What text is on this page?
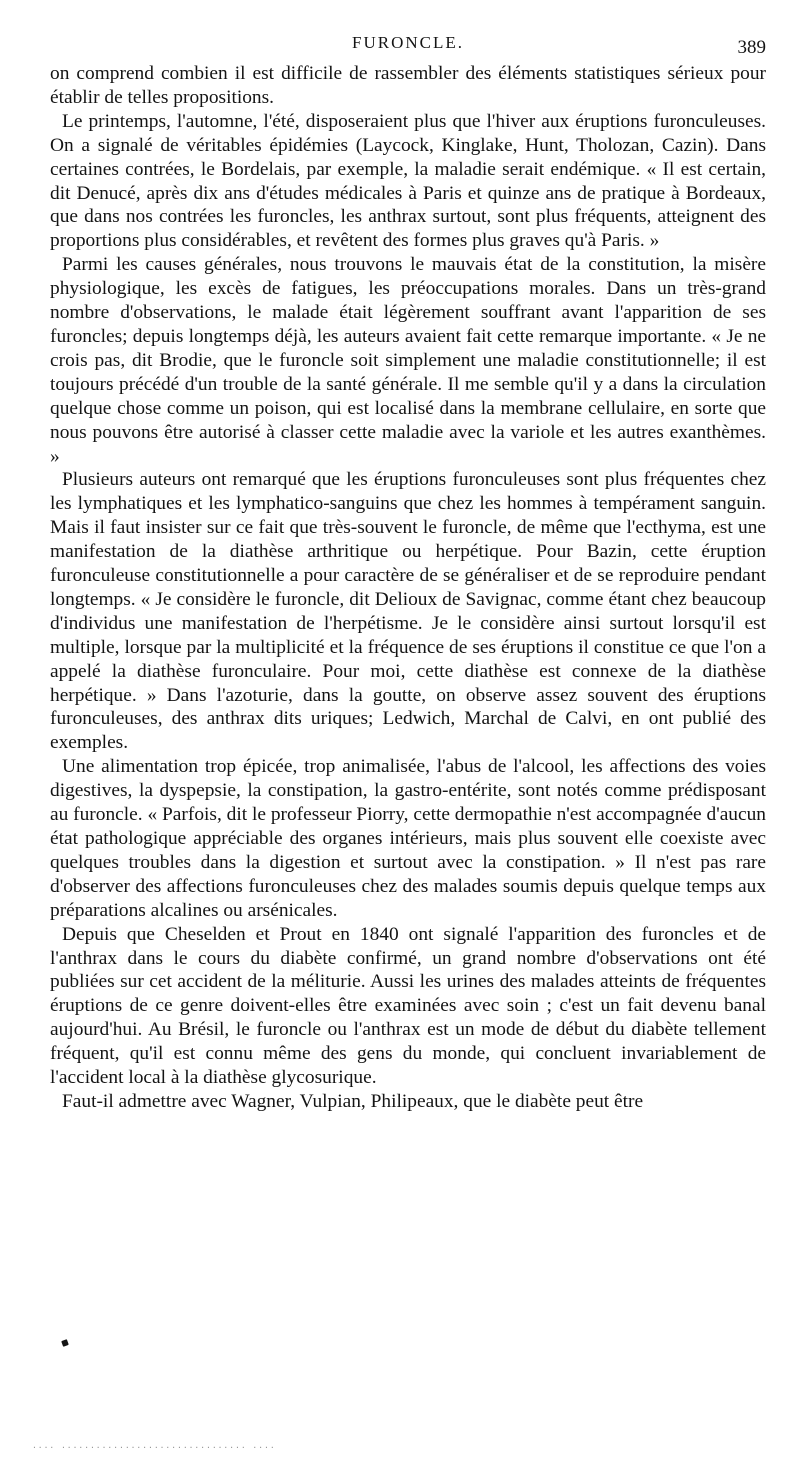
FURONCLE.	389

on comprend combien il est difficile de rassembler des éléments statistiques sérieux pour établir de telles propositions.

Le printemps, l'automne, l'été, disposeraient plus que l'hiver aux éruptions furonculeuses. On a signalé de véritables épidémies (Laycock, Kinglake, Hunt, Tholozan, Cazin). Dans certaines contrées, le Bordelais, par exemple, la maladie serait endémique. « Il est certain, dit Denucé, après dix ans d'études médicales à Paris et quinze ans de pratique à Bordeaux, que dans nos contrées les furoncles, les anthrax surtout, sont plus fréquents, atteignent des proportions plus considérables, et revêtent des formes plus graves qu'à Paris. »

Parmi les causes générales, nous trouvons le mauvais état de la constitution, la misère physiologique, les excès de fatigues, les préoccupations morales. Dans un très-grand nombre d'observations, le malade était légèrement souffrant avant l'apparition de ses furoncles; depuis longtemps déjà, les auteurs avaient fait cette remarque importante. « Je ne crois pas, dit Brodie, que le furoncle soit simplement une maladie constitutionnelle; il est toujours précédé d'un trouble de la santé générale. Il me semble qu'il y a dans la circulation quelque chose comme un poison, qui est localisé dans la membrane cellulaire, en sorte que nous pouvons être autorisé à classer cette maladie avec la variole et les autres exanthèmes. »

Plusieurs auteurs ont remarqué que les éruptions furonculeuses sont plus fréquentes chez les lymphatiques et les lymphatico-sanguins que chez les hommes à tempérament sanguin. Mais il faut insister sur ce fait que très-souvent le furoncle, de même que l'ecthyma, est une manifestation de la diathèse arthritique ou herpétique. Pour Bazin, cette éruption furonculeuse constitutionnelle a pour caractère de se généraliser et de se reproduire pendant longtemps. « Je considère le furoncle, dit Delioux de Savignac, comme étant chez beaucoup d'individus une manifestation de l'herpétisme. Je le considère ainsi surtout lorsqu'il est multiple, lorsque par la multiplicité et la fréquence de ses éruptions il constitue ce que l'on a appelé la diathèse furonculaire. Pour moi, cette diathèse est connexe de la diathèse herpétique. » Dans l'azoturie, dans la goutte, on observe assez souvent des éruptions furonculeuses, des anthrax dits uriques; Ledwich, Marchal de Calvi, en ont publié des exemples.

Une alimentation trop épicée, trop animalisée, l'abus de l'alcool, les affections des voies digestives, la dyspepsie, la constipation, la gastro-entérite, sont notés comme prédisposant au furoncle. « Parfois, dit le professeur Piorry, cette dermopathie n'est accompagnée d'aucun état pathologique appréciable des organes intérieurs, mais plus souvent elle coexiste avec quelques troubles dans la digestion et surtout avec la constipation. » Il n'est pas rare d'observer des affections furonculeuses chez des malades soumis depuis quelque temps aux préparations alcalines ou arsénicales.

Depuis que Cheselden et Prout en 1840 ont signalé l'apparition des furoncles et de l'anthrax dans le cours du diabète confirmé, un grand nombre d'observations ont été publiées sur cet accident de la méliturie. Aussi les urines des malades atteints de fréquentes éruptions de ce genre doivent-elles être examinées avec soin ; c'est un fait devenu banal aujourd'hui. Au Brésil, le furoncle ou l'anthrax est un mode de début du diabète tellement fréquent, qu'il est connu même des gens du monde, qui concluent invariablement de l'accident local à la diathèse glycosurique.

Faut-il admettre avec Wagner, Vulpian, Philipeaux, que le diabète peut être

.... ................................ ....
